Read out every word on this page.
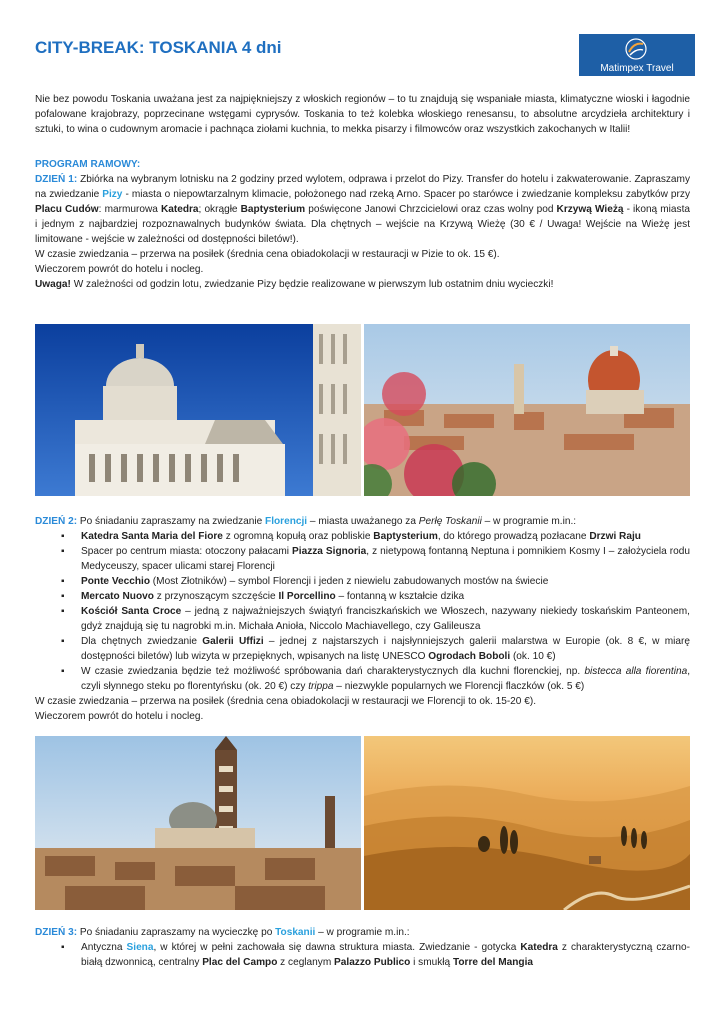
CITY-BREAK: TOSKANIA 4 dni
Matimpex Travel

Nie bez powodu Toskania uważana jest za najpiękniejszy z włoskich regionów – to tu znajdują się wspaniałe miasta, klimatyczne wioski i łagodnie pofalowane krajobrazy, poprzecinane wstęgami cyprysów. Toskania to też kolebka włoskiego renesansu, to absolutne arcydzieła architektury i sztuki, to wina o cudownym aromacie i pachnąca ziołami kuchnia, to mekka pisarzy i filmowców oraz wszystkich zakochanych w Italii!

PROGRAM RAMOWY:

DZIEŃ 1: Zbiórka na wybranym lotnisku na 2 godziny przed wylotem, odprawa i przelot do Pizy. Transfer do hotelu i zakwaterowanie. Zapraszamy na zwiedzanie Pizy - miasta o niepowtarzalnym klimacie, położonego nad rzeką Arno. Spacer po starówce i zwiedzanie kompleksu zabytków przy Placu Cudów: marmurowa Katedra; okrągłe Baptysterium poświęcone Janowi Chrzcicielowi oraz czas wolny pod Krzywą Wieżą - ikoną miasta i jednym z najbardziej rozpoznawalnych budynków świata. Dla chętnych – wejście na Krzywą Wieżę (30 € / Uwaga! Wejście na Wieżę jest limitowane - wejście w zależności od dostępności biletów!).

W czasie zwiedzania – przerwa na posiłek (średnia cena obiadokolacji w restauracji w Pizie to ok. 15 €).

Wieczorem powrót do hotelu i nocleg.

Uwaga! W zależności od godzin lotu, zwiedzanie Pizy będzie realizowane w pierwszym lub ostatnim dniu wycieczki!

DZIEŃ 2: Po śniadaniu zapraszamy na zwiedzanie Florencji – miasta uważanego za Perłę Toskanii – w programie m.in.:

▪ Katedra Santa Maria del Fiore z ogromną kopułą oraz pobliskie Baptysterium, do którego prowadzą pozłacane Drzwi Raju
▪ Spacer po centrum miasta: otoczony pałacami Piazza Signoria, z nietypową fontanną Neptuna i pomnikiem Kosmy I – założyciela rodu Medyceuszy, spacer ulicami starej Florencji
▪ Ponte Vecchio (Most Złotników) – symbol Florencji i jeden z niewielu zabudowanych mostów na świecie
▪ Mercato Nuovo z przynoszącym szczęście Il Porcellino – fontanną w kształcie dzika
▪ Kościół Santa Croce – jedną z najważniejszych świątyń franciszkańskich we Włoszech, nazywany niekiedy toskańskim Panteonem, gdyż znajdują się tu nagrobki m.in. Michała Anioła, Niccolo Machiavellego, czy Galileusza
▪ Dla chętnych zwiedzanie Galerii Uffizi – jednej z najstarszych i najsłynniejszych galerii malarstwa w Europie (ok. 8 €, w miarę dostępności biletów) lub wizyta w przepięknych, wpisanych na listę UNESCO Ogrodach Boboli (ok. 10 €)
▪ W czasie zwiedzania będzie też możliwość spróbowania dań charakterystycznych dla kuchni florenckiej, np. bistecca alla fiorentina, czyli słynnego steku po florentyńsku (ok. 20 €) czy trippa – niezwykle popularnych we Florencji flaczków (ok. 5 €)

W czasie zwiedzania – przerwa na posiłek (średnia cena obiadokolacji w restauracji we Florencji to ok. 15-20 €).

Wieczorem powrót do hotelu i nocleg.

DZIEŃ 3: Po śniadaniu zapraszamy na wycieczkę po Toskanii – w programie m.in.:

▪ Antyczna Siena, w której w pełni zachowała się dawna struktura miasta. Zwiedzanie - gotycka Katedra z charakterystyczną czarno-białą dzwonnicą, centralny Plac del Campo z ceglanym Palazzo Publico i smukłą Torre del Mangia
